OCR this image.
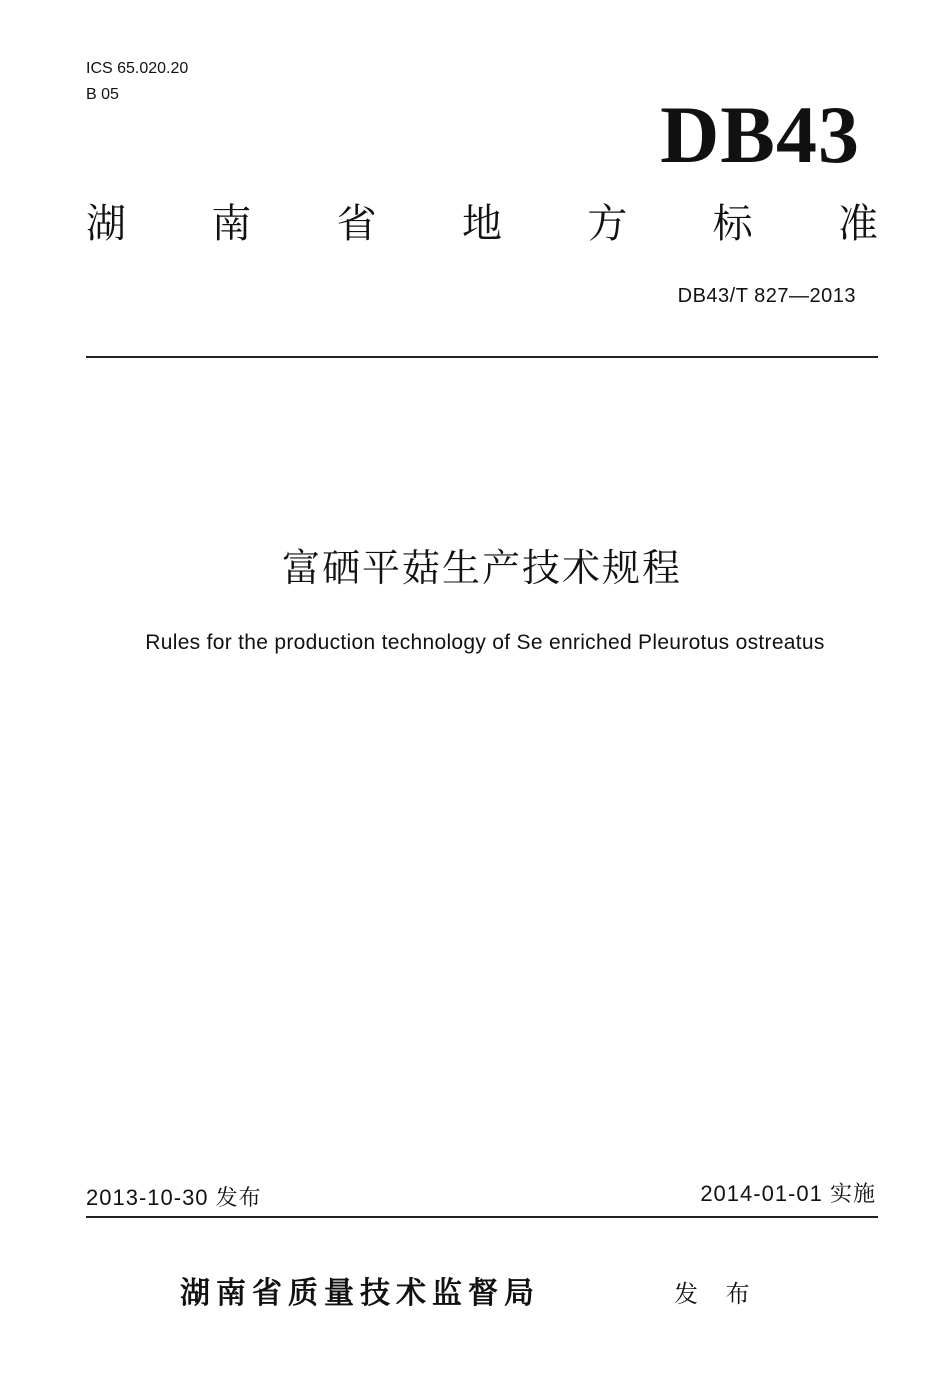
ICS 65.020.20
B 05	DB43
湖 南 省 地 方 标 准
DB43/T 827—2013
富硒平菇生产技术规程
Rules for the production technology of Se enriched Pleurotus ostreatus
2013-10-30 发布	2014-01-01 实施
湖南省质量技术监督局	发 布
